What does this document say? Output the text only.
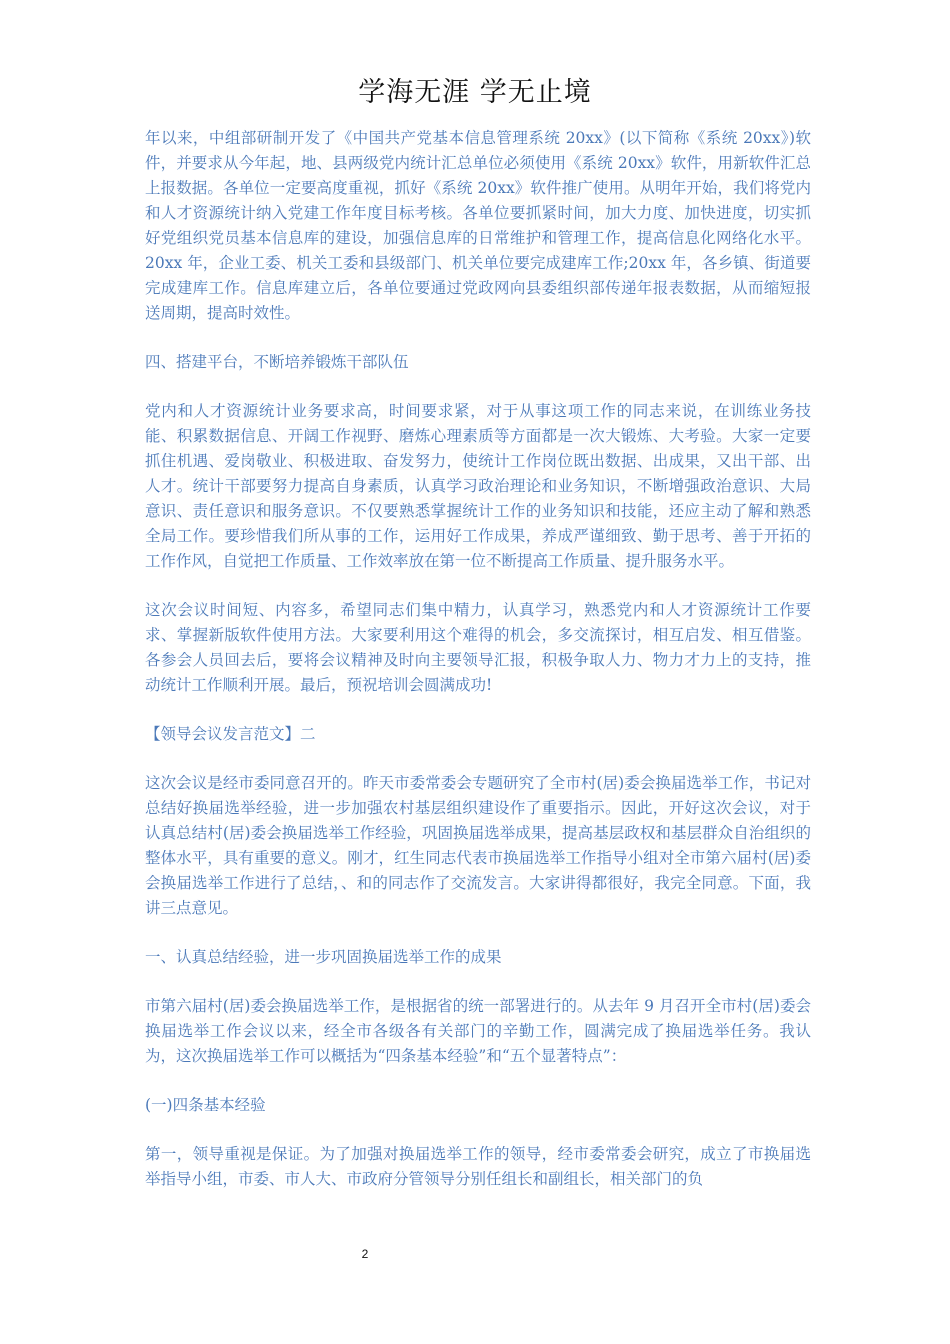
学海无涯 学无止境

年以来，中组部研制开发了《中国共产党基本信息管理系统 20xx》(以下简称《系统 20xx》)软件，并要求从今年起，地、县两级党内统计汇总单位必须使用《系统 20xx》软件，用新软件汇总上报数据。各单位一定要高度重视，抓好《系统 20xx》软件推广使用。从明年开始，我们将党内和人才资源统计纳入党建工作年度目标考核。各单位要抓紧时间，加大力度、加快进度，切实抓好党组织党员基本信息库的建设，加强信息库的日常维护和管理工作，提高信息化网络化水平。20xx 年，企业工委、机关工委和县级部门、机关单位要完成建库工作;20xx 年，各乡镇、街道要完成建库工作。信息库建立后，各单位要通过党政网向县委组织部传递年报表数据，从而缩短报送周期，提高时效性。

四、搭建平台，不断培养锻炼干部队伍

党内和人才资源统计业务要求高，时间要求紧，对于从事这项工作的同志来说，在训练业务技能、积累数据信息、开阔工作视野、磨炼心理素质等方面都是一次大锻炼、大考验。大家一定要抓住机遇、爱岗敬业、积极进取、奋发努力，使统计工作岗位既出数据、出成果，又出干部、出人才。统计干部要努力提高自身素质，认真学习政治理论和业务知识，不断增强政治意识、大局意识、责任意识和服务意识。不仅要熟悉掌握统计工作的业务知识和技能，还应主动了解和熟悉全局工作。要珍惜我们所从事的工作，运用好工作成果，养成严谨细致、勤于思考、善于开拓的工作作风，自觉把工作质量、工作效率放在第一位不断提高工作质量、提升服务水平。

这次会议时间短、内容多，希望同志们集中精力，认真学习，熟悉党内和人才资源统计工作要求、掌握新版软件使用方法。大家要利用这个难得的机会，多交流探讨，相互启发、相互借鉴。各参会人员回去后，要将会议精神及时向主要领导汇报，积极争取人力、物力才力上的支持，推动统计工作顺利开展。最后，预祝培训会圆满成功!

【领导会议发言范文】二

这次会议是经市委同意召开的。昨天市委常委会专题研究了全市村(居)委会换届选举工作，书记对总结好换届选举经验，进一步加强农村基层组织建设作了重要指示。因此，开好这次会议，对于认真总结村(居)委会换届选举工作经验，巩固换届选举成果，提高基层政权和基层群众自治组织的整体水平，具有重要的意义。刚才，红生同志代表市换届选举工作指导小组对全市第六届村(居)委会换届选举工作进行了总结，、和的同志作了交流发言。大家讲得都很好，我完全同意。下面，我讲三点意见。

一、认真总结经验，进一步巩固换届选举工作的成果

市第六届村(居)委会换届选举工作，是根据省的统一部署进行的。从去年 9 月召开全市村(居)委会换届选举工作会议以来，经全市各级各有关部门的辛勤工作，圆满完成了换届选举任务。我认为，这次换届选举工作可以概括为“四条基本经验”和“五个显著特点”：

(一)四条基本经验

第一，领导重视是保证。为了加强对换届选举工作的领导，经市委常委会研究，成立了市换届选举指导小组，市委、市人大、市政府分管领导分别任组长和副组长，相关部门的负

2
